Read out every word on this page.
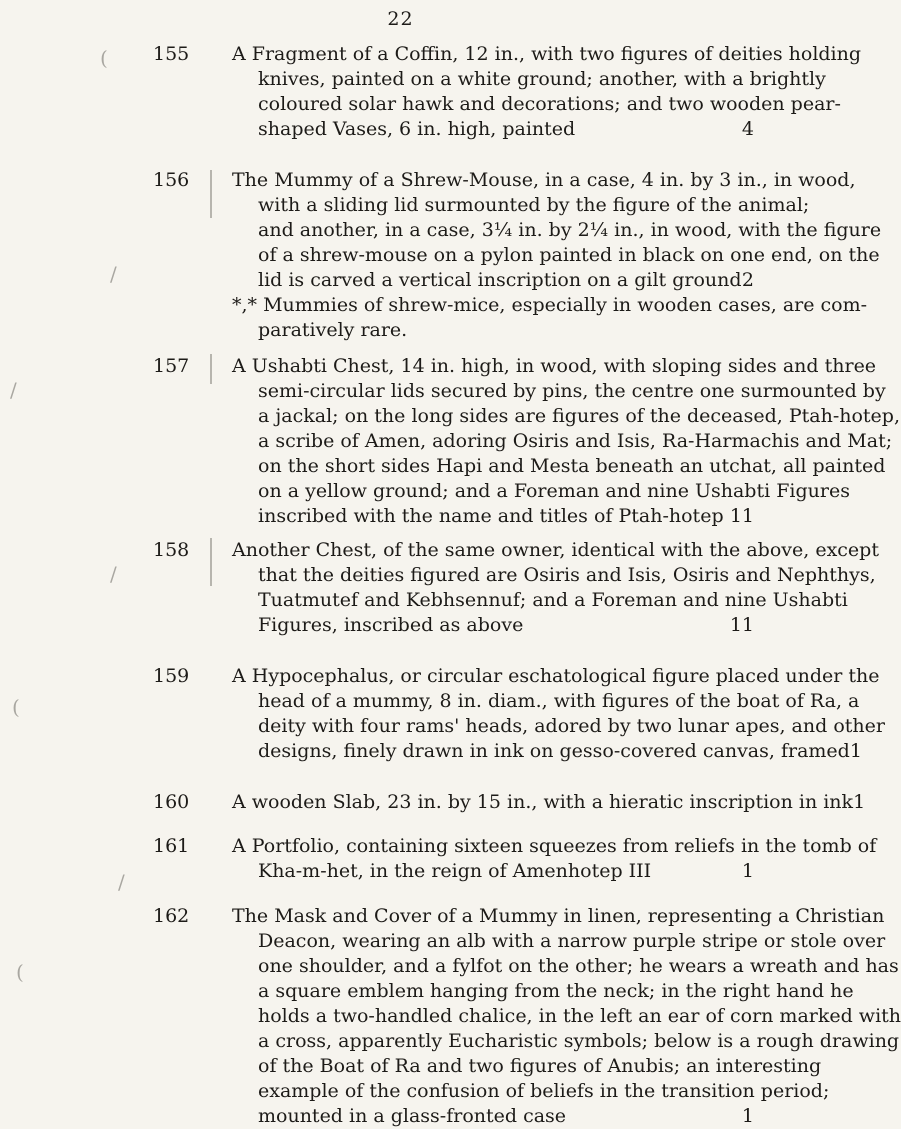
22
(
/
/
/
(
/
(
155	A Fragment of a Coffin, 12 in., with two figures of deities holding
knives, painted on a white ground; another, with a brightly
coloured solar hawk and decorations; and two wooden pear-
shaped Vases, 6 in. high, painted	4
156	The Mummy of a Shrew-Mouse, in a case, 4 in. by 3 in., in wood,
with a sliding lid surmounted by the figure of the animal;
and another, in a case, 3¼ in. by 2¼ in., in wood, with the figure
of a shrew-mouse on a pylon painted in black on one end, on the
lid is carved a vertical inscription on a gilt ground 2
*,* Mummies of shrew-mice, especially in wooden cases, are com-
paratively rare.
157	A Ushabti Chest, 14 in. high, in wood, with sloping sides and three
semi-circular lids secured by pins, the centre one surmounted by
a jackal; on the long sides are figures of the deceased, Ptah-hotep,
a scribe of Amen, adoring Osiris and Isis, Ra-Harmachis and Mat;
on the short sides Hapi and Mesta beneath an utchat, all painted
on a yellow ground; and a Foreman and nine Ushabti Figures
inscribed with the name and titles of Ptah-hotep 11
158	Another Chest, of the same owner, identical with the above, except
that the deities figured are Osiris and Isis, Osiris and Nephthys,
Tuatmutef and Kebhsennuf; and a Foreman and nine Ushabti
Figures, inscribed as above	11
159	A Hypocephalus, or circular eschatological figure placed under the
head of a mummy, 8 in. diam., with figures of the boat of Ra, a
deity with four rams' heads, adored by two lunar apes, and other
designs, finely drawn in ink on gesso-covered canvas, framed 1
160	A wooden Slab, 23 in. by 15 in., with a hieratic inscription in ink 1
161	A Portfolio, containing sixteen squeezes from reliefs in the tomb of
Kha-m-het, in the reign of Amenhotep III	1
162	The Mask and Cover of a Mummy in linen, representing a Christian
Deacon, wearing an alb with a narrow purple stripe or stole over
one shoulder, and a fylfot on the other; he wears a wreath and has
a square emblem hanging from the neck; in the right hand he
holds a two-handled chalice, in the left an ear of corn marked with
a cross, apparently Eucharistic symbols; below is a rough drawing
of the Boat of Ra and two figures of Anubis; an interesting
example of the confusion of beliefs in the transition period;
mounted in a glass-fronted case	1
